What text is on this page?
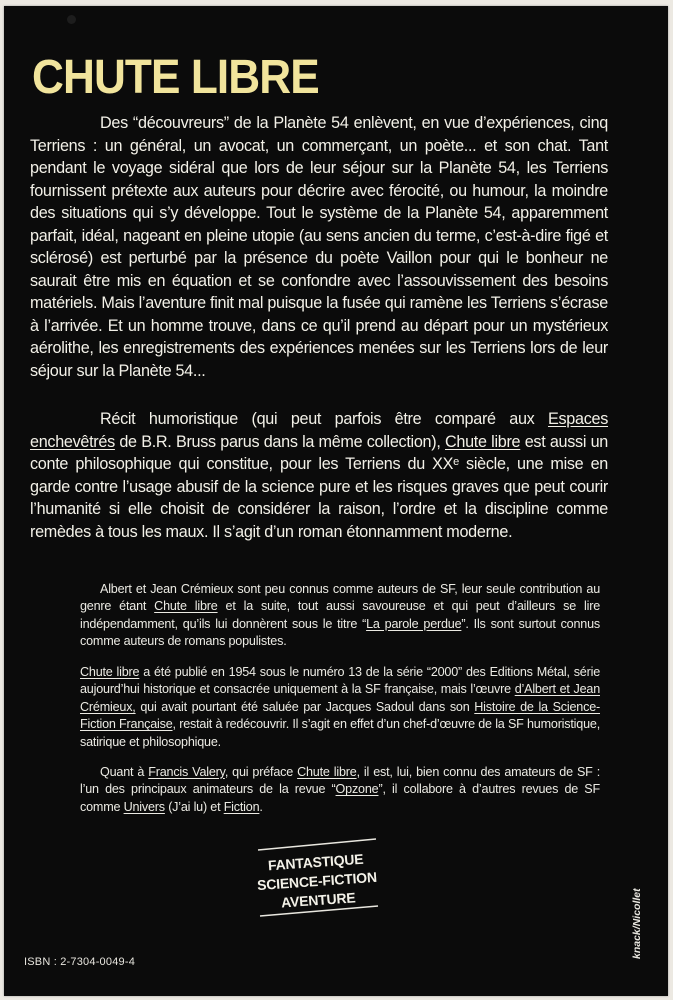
CHUTE LIBRE

Des “découvreurs” de la Planète 54 enlèvent, en vue d’expériences, cinq Terriens : un général, un avocat, un commerçant, un poète... et son chat. Tant pendant le voyage sidéral que lors de leur séjour sur la Planète 54, les Terriens fournissent prétexte aux auteurs pour décrire avec férocité, ou humour, la moindre des situations qui s’y développe. Tout le système de la Planète 54, apparemment parfait, idéal, nageant en pleine utopie (au sens ancien du terme, c’est-à-dire figé et sclérosé) est perturbé par la présence du poète Vaillon pour qui le bonheur ne saurait être mis en équation et se confondre avec l’assouvissement des besoins matériels. Mais l’aventure finit mal puisque la fusée qui ramène les Terriens s’écrase à l’arrivée. Et un homme trouve, dans ce qu’il prend au départ pour un mystérieux aérolithe, les enregistrements des expériences menées sur les Terriens lors de leur séjour sur la Planète 54...

Récit humoristique (qui peut parfois être comparé aux Espaces enchevêtrés de B.R. Bruss parus dans la même collection), Chute libre est aussi un conte philosophique qui constitue, pour les Terriens du XXᵉ siècle, une mise en garde contre l’usage abusif de la science pure et les risques graves que peut courir l’humanité si elle choisit de considérer la raison, l’ordre et la discipline comme remèdes à tous les maux. Il s’agit d’un roman étonnamment moderne.

Albert et Jean Crémieux sont peu connus comme auteurs de SF, leur seule contribution au genre étant Chute libre et la suite, tout aussi savoureuse et qui peut d’ailleurs se lire indépendamment, qu’ils lui donnèrent sous le titre “La parole perdue”. Ils sont surtout connus comme auteurs de romans populistes.

Chute libre a été publié en 1954 sous le numéro 13 de la série “2000” des Editions Métal, série aujourd’hui historique et consacrée uniquement à la SF française, mais l’œuvre d’Albert et Jean Crémieux, qui avait pourtant été saluée par Jacques Sadoul dans son Histoire de la Science-Fiction Française, restait à redécouvrir. Il s’agit en effet d’un chef-d’œuvre de la SF humoristique, satirique et philosophique.

Quant à Francis Valery, qui préface Chute libre, il est, lui, bien connu des amateurs de SF : l’un des principaux animateurs de la revue “Opzone”, il collabore à d’autres revues de SF comme Univers (J’ai lu) et Fiction.

FANTASTIQUE
SCIENCE-FICTION
AVENTURE
ISBN : 2-7304-0049-4
knack/Nicollet
